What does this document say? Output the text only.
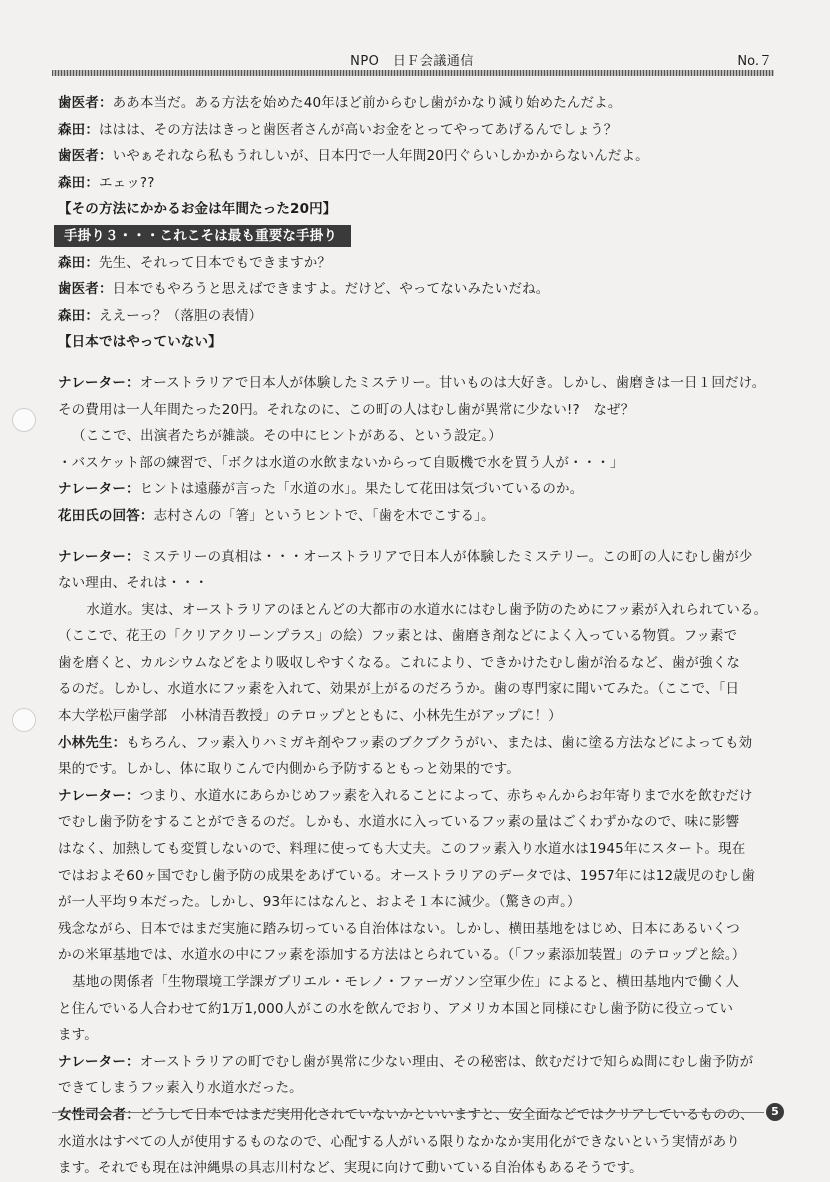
NPO　日Ｆ会議通信	No.７
歯医者：ああ本当だ。ある方法を始めた40年ほど前からむし歯がかなり減り始めたんだよ。
森田：ははは、その方法はきっと歯医者さんが高いお金をとってやってあげるんでしょう？
歯医者：いやぁそれなら私もうれしいが、日本円で一人年間20円ぐらいしかかからないんだよ。
森田：エェッ??
【その方法にかかるお金は年間たった20円】
手掛り３・・・これこそは最も重要な手掛り
森田：先生、それって日本でもできますか？
歯医者：日本でもやろうと思えばできますよ。だけど、やってないみたいだね。
森田：ええーっ？（落胆の表情）
【日本ではやっていない】
ナレーター：オーストラリアで日本人が体験したミステリー。甘いものは大好き。しかし、歯磨きは一日１回だけ。
その費用は一人年間たった20円。それなのに、この町の人はむし歯が異常に少ない!?　なぜ？
（ここで、出演者たちが雑談。その中にヒントがある、という設定。）
・バスケット部の練習で、「ボクは水道の水飲まないからって自販機で水を買う人が・・・」
ナレーター：ヒントは遠藤が言った「水道の水」。果たして花田は気づいているのか。
花田氏の回答：志村さんの「箸」というヒントで、「歯を木でこする」。
ナレーター：ミステリーの真相は・・・オーストラリアで日本人が体験したミステリー。この町の人にむし歯が少
ない理由、それは・・・
水道水。実は、オーストラリアのほとんどの大都市の水道水にはむし歯予防のためにフッ素が入れられている。
（ここで、花王の「クリアクリーンプラス」の絵）フッ素とは、歯磨き剤などによく入っている物質。フッ素で
歯を磨くと、カルシウムなどをより吸収しやすくなる。これにより、できかけたむし歯が治るなど、歯が強くな
るのだ。しかし、水道水にフッ素を入れて、効果が上がるのだろうか。歯の専門家に聞いてみた。（ここで、「日
本大学松戸歯学部　小林清吾教授」のテロップとともに、小林先生がアップに！）
小林先生：もちろん、フッ素入りハミガキ剤やフッ素のブクブクうがい、または、歯に塗る方法などによっても効
果的です。しかし、体に取りこんで内側から予防するともっと効果的です。
ナレーター：つまり、水道水にあらかじめフッ素を入れることによって、赤ちゃんからお年寄りまで水を飲むだけ
でむし歯予防をすることができるのだ。しかも、水道水に入っているフッ素の量はごくわずかなので、味に影響
はなく、加熱しても変質しないので、料理に使っても大丈夫。このフッ素入り水道水は1945年にスタート。現在
ではおよそ60ヶ国でむし歯予防の成果をあげている。オーストラリアのデータでは、1957年には12歳児のむし歯
が一人平均９本だった。しかし、93年にはなんと、およそ１本に減少。（驚きの声。）
残念ながら、日本ではまだ実施に踏み切っている自治体はない。しかし、横田基地をはじめ、日本にあるいくつ
かの米軍基地では、水道水の中にフッ素を添加する方法はとられている。（「フッ素添加装置」のテロップと絵。）
基地の関係者「生物環境工学課ガブリエル・モレノ・ファーガソン空軍少佐」によると、横田基地内で働く人
と住んでいる人合わせて約1万1,000人がこの水を飲んでおり、アメリカ本国と同様にむし歯予防に役立ってい
ます。
ナレーター：オーストラリアの町でむし歯が異常に少ない理由、その秘密は、飲むだけで知らぬ間にむし歯予防が
できてしまうフッ素入り水道水だった。
女性司会者：どうして日本ではまだ実用化されていないかといいますと、安全面などではクリアしているものの、
水道水はすべての人が使用するものなので、心配する人がいる限りなかなか実用化ができないという実情があり
ます。それでも現在は沖縄県の具志川村など、実現に向けて動いている自治体もあるそうです。
5
